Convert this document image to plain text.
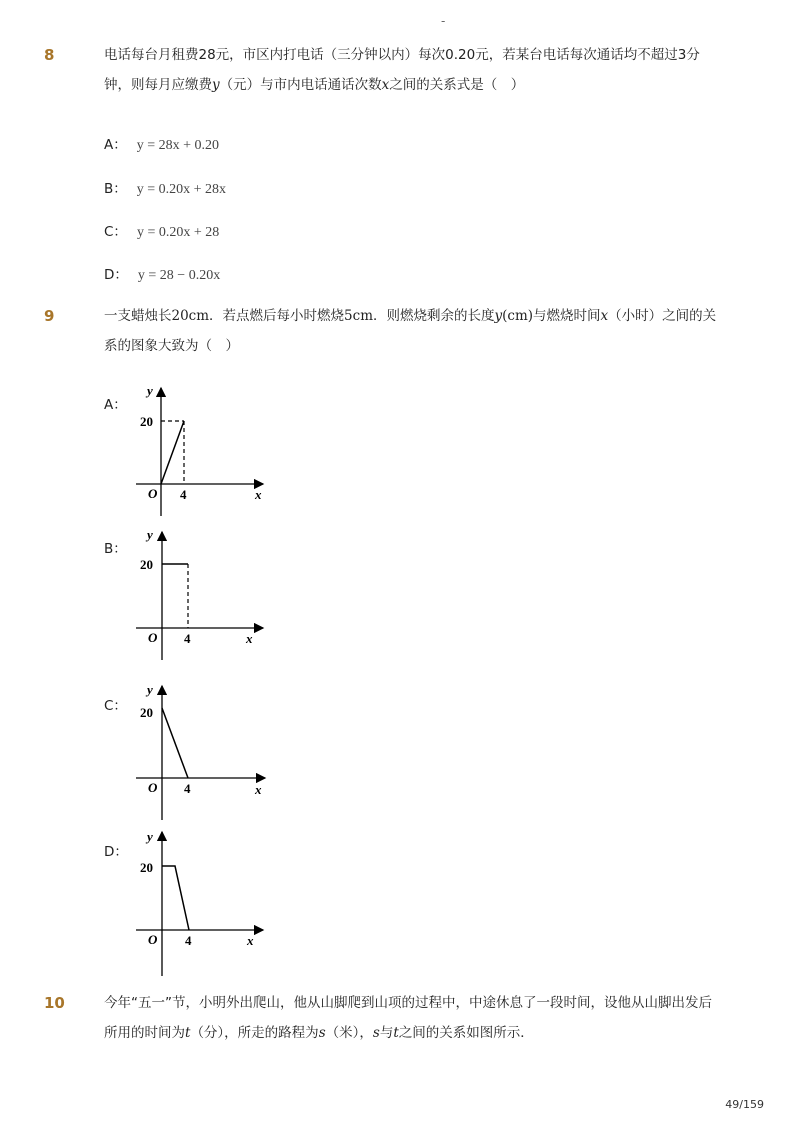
-
8	电话每台月租费28元，市区内打电话（三分钟以内）每次0.20元，若某台电话每次通话均不超过3分钟，则每月应缴费y（元）与市内电话通话次数x之间的关系式是（　）
A： y = 28x + 0.20
B： y = 0.20x + 28x
C： y = 0.20x + 28
D： y = 28 − 0.20x
9	一支蜡烛长20cm．若点燃后每小时燃烧5cm．则燃烧剩余的长度y(cm)与燃烧时间x（小时）之间的关系的图象大致为（　）
A：
y
x
O
20
4
B：
y
x
O
20
4
C：
y
x
O
20
4
D：
y
x
O
20
4
10	今年“五一”节，小明外出爬山，他从山脚爬到山项的过程中，中途休息了一段时间，设他从山脚出发后所用的时间为t（分），所走的路程为s（米），s与t之间的关系如图所示．
49/159
